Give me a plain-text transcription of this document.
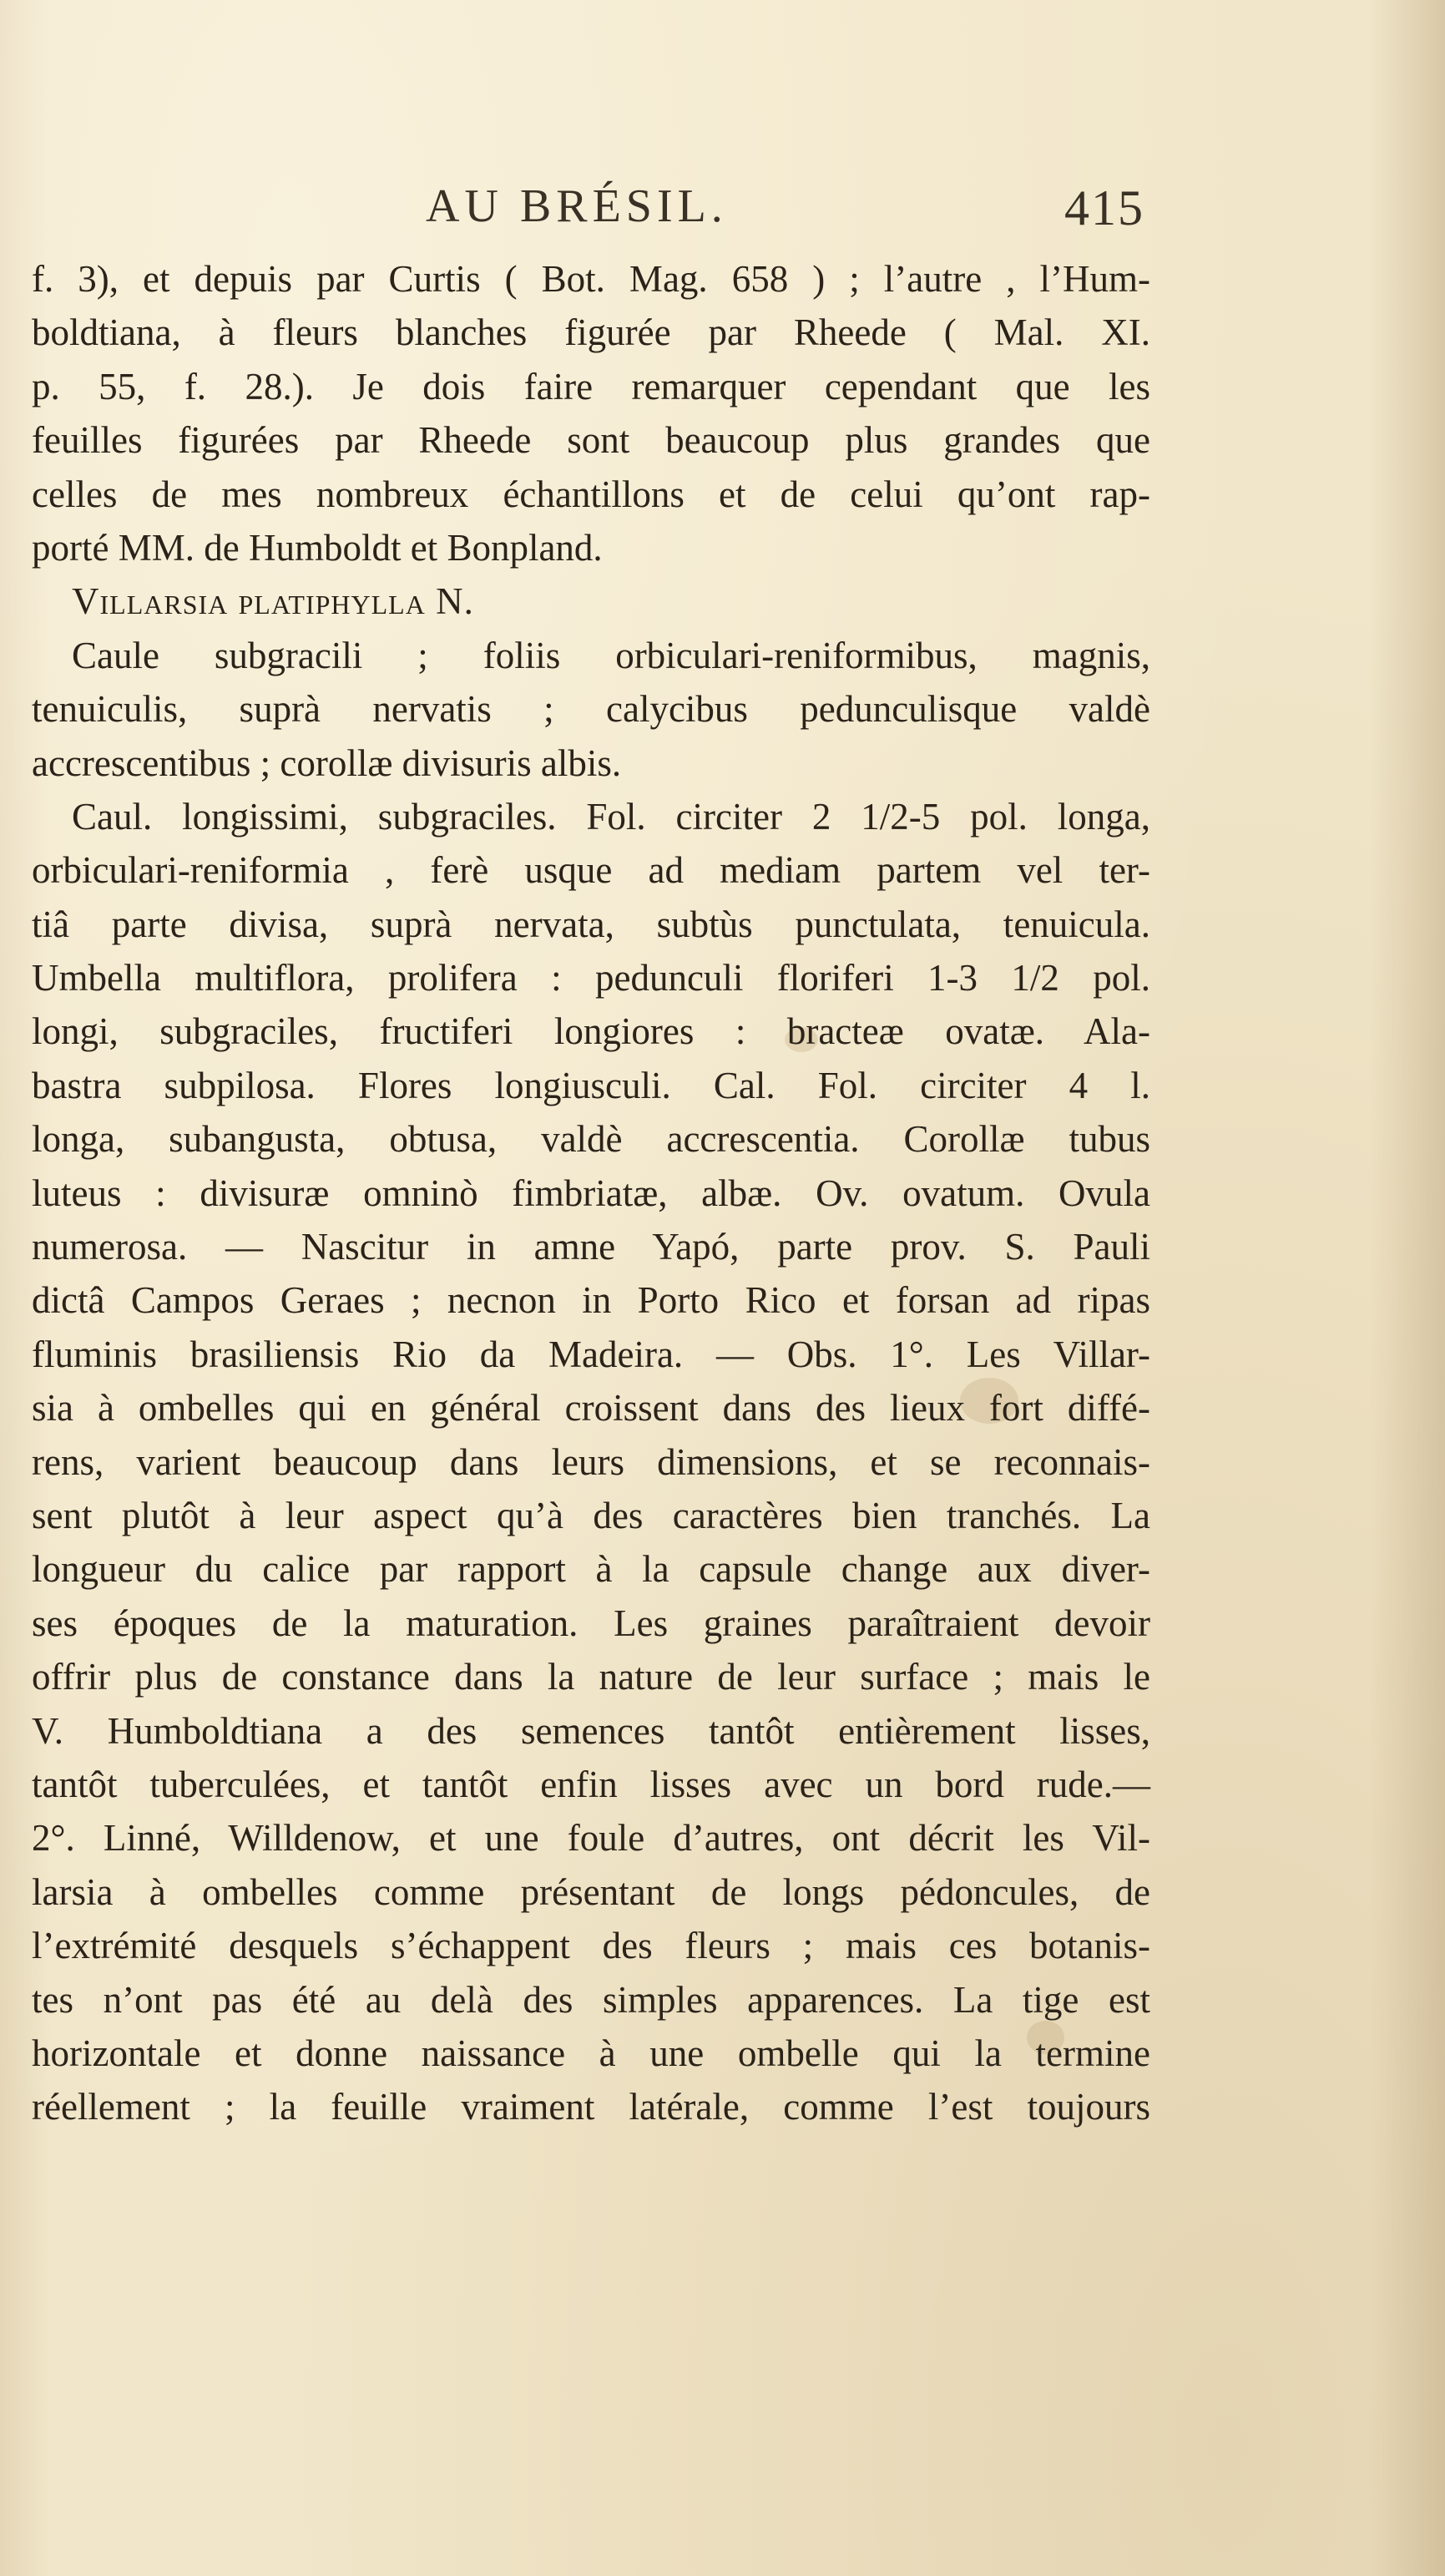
AU BRÉSIL.	415
f. 3), et depuis par Curtis ( Bot. Mag. 658 ) ; l’autre , l’Hum-
boldtiana, à fleurs blanches figurée par Rheede ( Mal. XI.
p. 55, f. 28.). Je dois faire remarquer cependant que les
feuilles figurées par Rheede sont beaucoup plus grandes que
celles de mes nombreux échantillons et de celui qu’ont rap-
porté MM. de Humboldt et Bonpland.
Villarsia platiphylla N.
Caule subgracili ; foliis orbiculari-reniformibus, magnis,
tenuiculis, suprà nervatis ; calycibus pedunculisque valdè
accrescentibus ; corollæ divisuris albis.
Caul. longissimi, subgraciles. Fol. circiter 2 1/2-5 pol. longa,
orbiculari-reniformia , ferè usque ad mediam partem vel ter-
tiâ parte divisa, suprà nervata, subtùs punctulata, tenuicula.
Umbella multiflora, prolifera : pedunculi floriferi 1-3 1/2 pol.
longi, subgraciles, fructiferi longiores : bracteæ ovatæ. Ala-
bastra subpilosa. Flores longiusculi. Cal. Fol. circiter 4 l.
longa, subangusta, obtusa, valdè accrescentia. Corollæ tubus
luteus : divisuræ omninò fimbriatæ, albæ. Ov. ovatum. Ovula
numerosa. — Nascitur in amne Yapó, parte prov. S. Pauli
dictâ Campos Geraes ; necnon in Porto Rico et forsan ad ripas
fluminis brasiliensis Rio da Madeira. — Obs. 1°. Les Villar-
sia à ombelles qui en général croissent dans des lieux fort diffé-
rens, varient beaucoup dans leurs dimensions, et se reconnais-
sent plutôt à leur aspect qu’à des caractères bien tranchés. La
longueur du calice par rapport à la capsule change aux diver-
ses époques de la maturation. Les graines paraîtraient devoir
offrir plus de constance dans la nature de leur surface ; mais le
V. Humboldtiana a des semences tantôt entièrement lisses,
tantôt tuberculées, et tantôt enfin lisses avec un bord rude.—
2°. Linné, Willdenow, et une foule d’autres, ont décrit les Vil-
larsia à ombelles comme présentant de longs pédoncules, de
l’extrémité desquels s’échappent des fleurs ; mais ces botanis-
tes n’ont pas été au delà des simples apparences. La tige est
horizontale et donne naissance à une ombelle qui la termine
réellement ; la feuille vraiment latérale, comme l’est toujours
